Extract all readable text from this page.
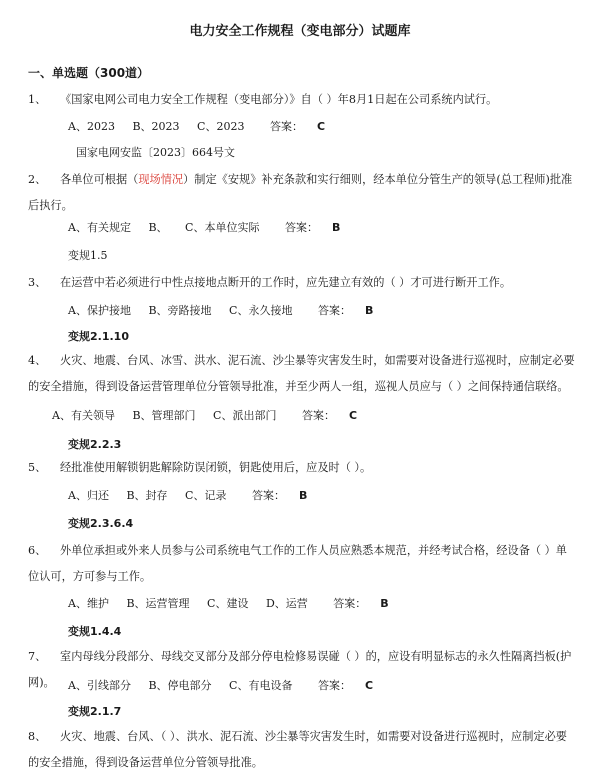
电力安全工作规程（变电部分）试题库
一、单选题（300道）
1、 《国家电网公司电力安全工作规程（变电部分）》自（ ）年8月1日起在公司系统内试行。
A、2023 B、2023 C、2023 答案： C
国家电网安监〔2023〕664号文
2、 各单位可根据（现场情况）制定《安规》补充条款和实行细则，经本单位分管生产的领导(总工程师)批准后执行。
A、有关规定 B、 C、本单位实际 答案： B
变规1.5
3、 在运营中若必须进行中性点接地点断开的工作时，应先建立有效的（ ）才可进行断开工作。
A、保护接地 B、旁路接地 C、永久接地 答案： B
变规2.1.10
4、 火灾、地震、台风、冰雪、洪水、泥石流、沙尘暴等灾害发生时，如需要对设备进行巡视时，应制定必要的安全措施，得到设备运营管理单位分管领导批准，并至少两人一组，巡视人员应与（ ）之间保持通信联络。
A、有关领导 B、管理部门 C、派出部门 答案： C
变规2.2.3
5、 经批准使用解锁钥匙解除防误闭锁，钥匙使用后，应及时（ ）。
A、归还 B、封存 C、记录 答案： B
变规2.3.6.4
6、 外单位承担或外来人员参与公司系统电气工作的工作人员应熟悉本规范，并经考试合格，经设备（ ）单位认可，方可参与工作。
A、维护 B、运营管理 C、建设 D、运营 答案： B
变规1.4.4
7、 室内母线分段部分、母线交叉部分及部分停电检修易误碰（ ）的，应设有明显标志的永久性隔离挡板(护网)。	A、引线部分 B、停电部分 C、有电设备 答案： C
变规2.1.7
8、 火灾、地震、台风、（ ）、洪水、泥石流、沙尘暴等灾害发生时，如需要对设备进行巡视时，应制定必要的安全措施，得到设备运营单位分管领导批准。
